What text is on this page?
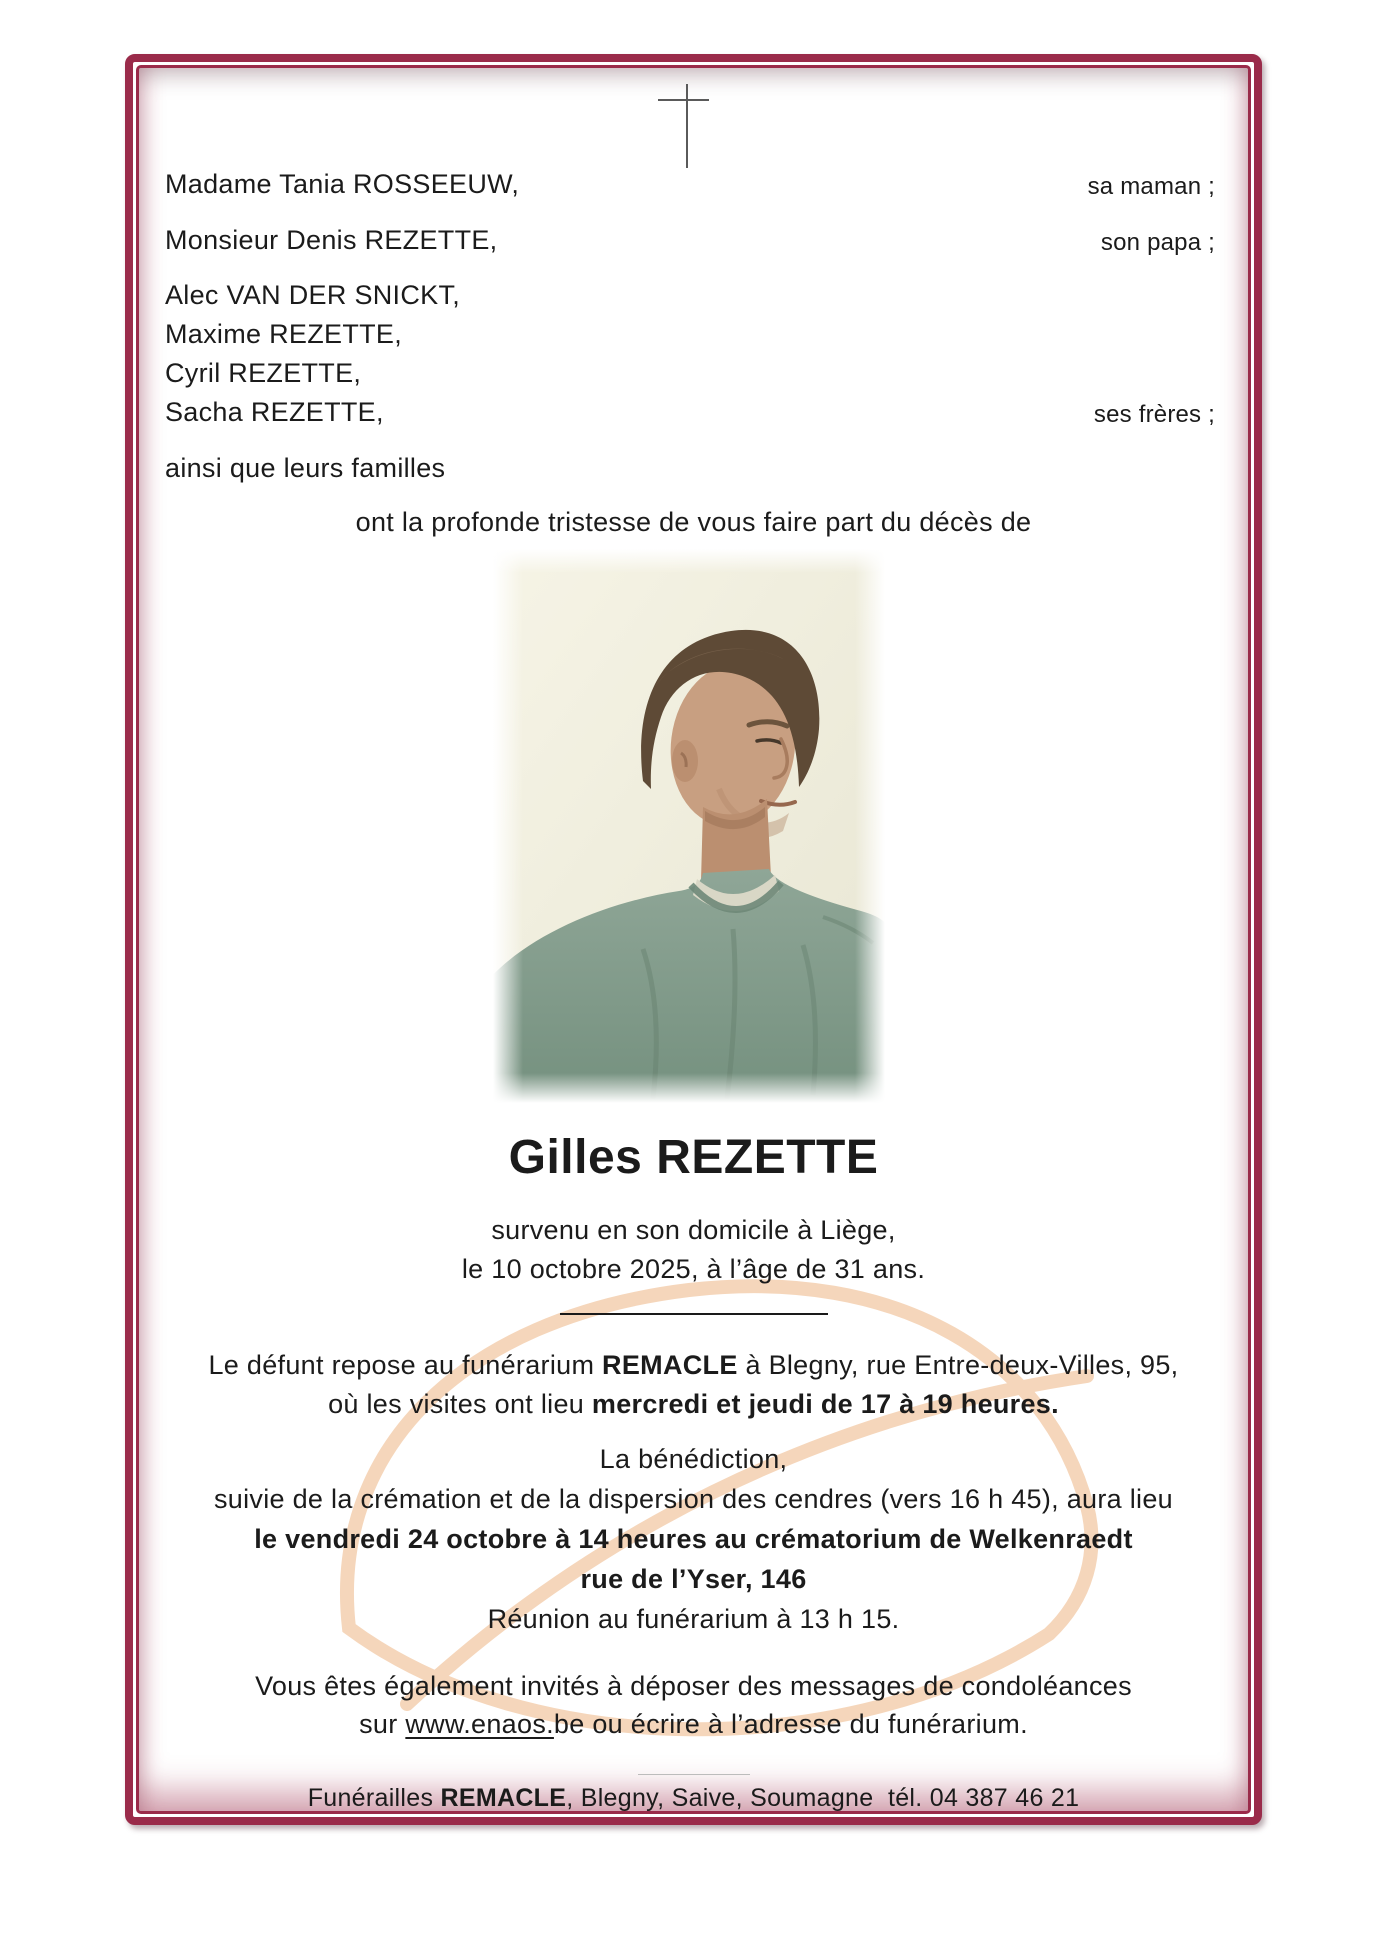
Madame Tania ROSSEEUW,	sa maman ;
Monsieur Denis REZETTE,	son papa ;
Alec VAN DER SNICKT,
Maxime REZETTE,
Cyril REZETTE,
Sacha REZETTE,	ses frères ;
ainsi que leurs familles
ont la profonde tristesse de vous faire part du décès de
Gilles REZETTE
survenu en son domicile à Liège,
le 10 octobre 2025, à l’âge de 31 ans.
Le défunt repose au funérarium REMACLE à Blegny, rue Entre-deux-Villes, 95,
où les visites ont lieu mercredi et jeudi de 17 à 19 heures.
La bénédiction,
suivie de la crémation et de la dispersion des cendres (vers 16 h 45), aura lieu
le vendredi 24 octobre à 14 heures au crématorium de Welkenraedt
rue de l’Yser, 146
Réunion au funérarium à 13 h 15.
Vous êtes également invités à déposer des messages de condoléances
sur www.enaos.be ou écrire à l’adresse du funérarium.
Funérailles REMACLE, Blegny, Saive, Soumagne  tél. 04 387 46 21
